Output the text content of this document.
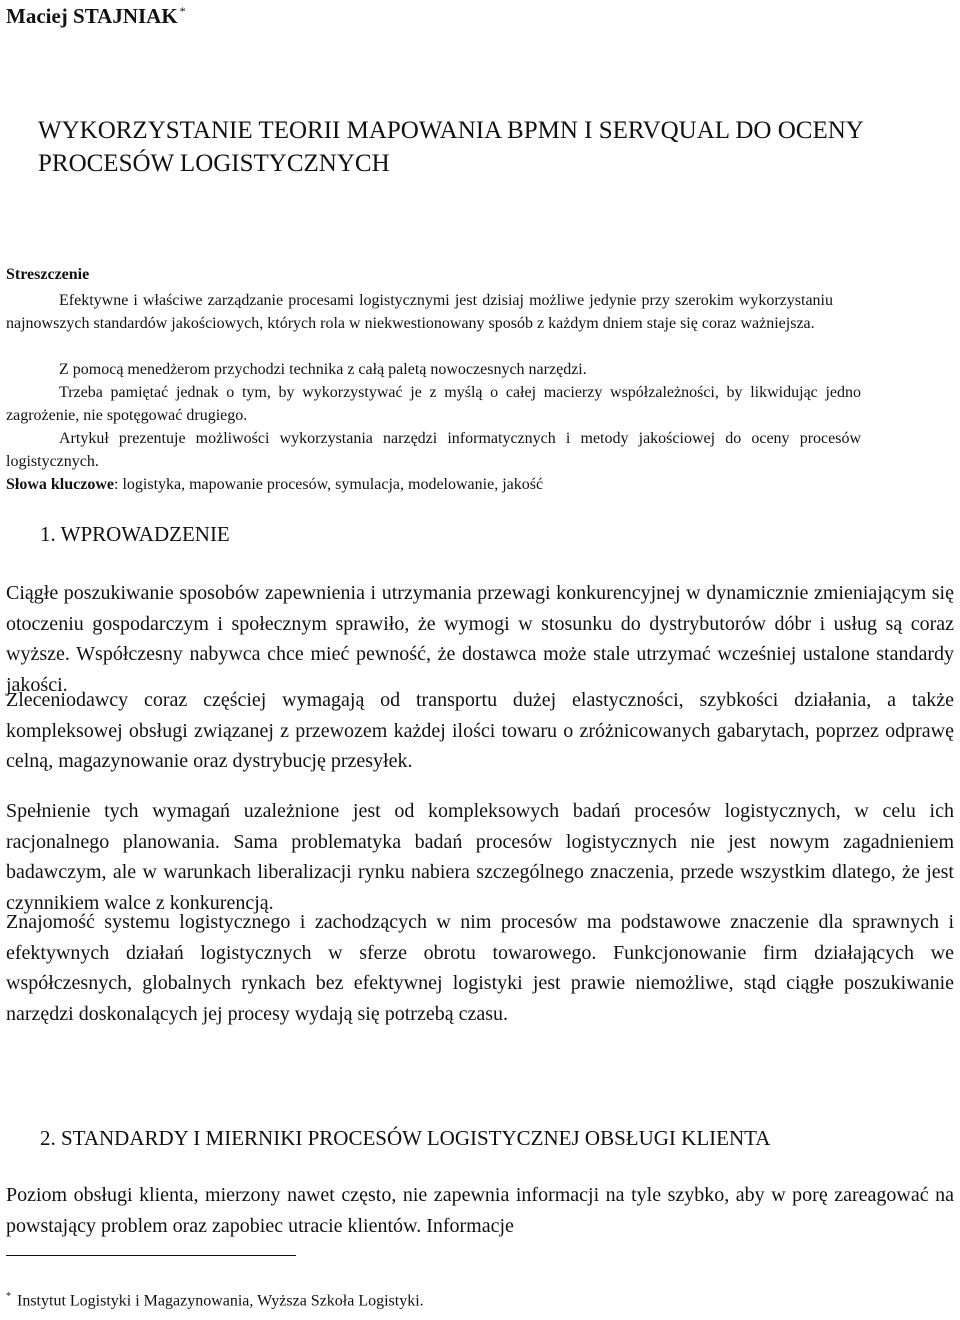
Maciej STAJNIAK *
WYKORZYSTANIE TEORII MAPOWANIA BPMN I SERVQUAL DO OCENY PROCESÓW LOGISTYCZNYCH
Streszczenie
Efektywne i właściwe zarządzanie procesami logistycznymi jest dzisiaj możliwe jedynie przy szerokim wykorzystaniu najnowszych standardów jakościowych, których rola w niekwestionowany sposób z każdym dniem staje się coraz ważniejsza.
Z pomocą menedżerom przychodzi technika z całą paletą nowoczesnych narzędzi.
Trzeba pamiętać jednak o tym, by wykorzystywać je z myślą o całej macierzy współzależności, by likwidując jedno zagrożenie, nie spotęgować drugiego.
Artykuł prezentuje możliwości wykorzystania narzędzi informatycznych i metody jakościowej do oceny procesów logistycznych.
Słowa kluczowe: logistyka, mapowanie procesów, symulacja, modelowanie, jakość
1. WPROWADZENIE
Ciągłe poszukiwanie sposobów zapewnienia i utrzymania przewagi konkurencyjnej w dynamicznie zmieniającym się otoczeniu gospodarczym i społecznym sprawiło, że wymogi w stosunku do dystrybutorów dóbr i usług są coraz wyższe. Współczesny nabywca chce mieć pewność, że dostawca może stale utrzymać wcześniej ustalone standardy jakości.
Zleceniodawcy coraz częściej wymagają od transportu dużej elastyczności, szybkości działania, a także kompleksowej obsługi związanej z przewozem każdej ilości towaru o zróżnicowanych gabarytach, poprzez odprawę celną, magazynowanie oraz dystrybucję przesyłek.
Spełnienie tych wymagań uzależnione jest od kompleksowych badań procesów logistycznych, w celu ich racjonalnego planowania. Sama problematyka badań procesów logistycznych nie jest nowym zagadnieniem badawczym, ale w warunkach liberalizacji rynku nabiera szczególnego znaczenia, przede wszystkim dlatego, że jest czynnikiem walce z konkurencją.
Znajomość systemu logistycznego i zachodzących w nim procesów ma podstawowe znaczenie dla sprawnych i efektywnych działań logistycznych w sferze obrotu towarowego. Funkcjonowanie firm działających we współczesnych, globalnych rynkach bez efektywnej logistyki jest prawie niemożliwe, stąd ciągłe poszukiwanie narzędzi doskonalących jej procesy wydają się potrzebą czasu.
2. STANDARDY I MIERNIKI PROCESÓW LOGISTYCZNEJ OBSŁUGI KLIENTA
Poziom obsługi klienta, mierzony nawet często, nie zapewnia informacji na tyle szybko, aby w porę zareagować na powstający problem oraz zapobiec utracie klientów. Informacje
* Instytut Logistyki i Magazynowania, Wyższa Szkoła Logistyki.
